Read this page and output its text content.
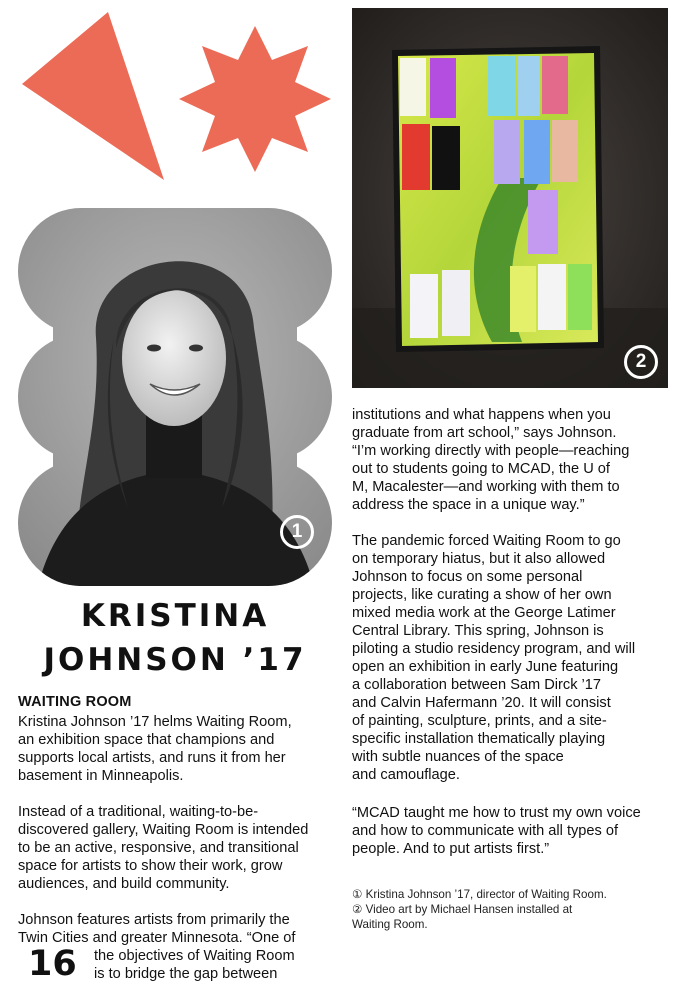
1
2
KRISTINA
JOHNSON ’17
WAITING ROOM
Kristina Johnson ’17 helms Waiting Room,
an exhibition space that champions and
supports local artists, and runs it from her
basement in Minneapolis.
Instead of a traditional, waiting-to-be-
discovered gallery, Waiting Room is intended
to be an active, responsive, and transitional
space for artists to show their work, grow
audiences, and build community.
Johnson features artists from primarily the
Twin Cities and greater Minnesota. “One of
16 the objectives of Waiting Room
is to bridge the gap between
institutions and what happens when you
graduate from art school,” says Johnson.
“I’m working directly with people—reaching
out to students going to MCAD, the U of
M, Macalester—and working with them to
address the space in a unique way.”
The pandemic forced Waiting Room to go
on temporary hiatus, but it also allowed
Johnson to focus on some personal
projects, like curating a show of her own
mixed media work at the George Latimer
Central Library. This spring, Johnson is
piloting a studio residency program, and will
open an exhibition in early June featuring
a collaboration between Sam Dirck ’17
and Calvin Hafermann ’20. It will consist
of painting, sculpture, prints, and a site-
specific installation thematically playing
with subtle nuances of the space
and camouflage.
“MCAD taught me how to trust my own voice
and how to communicate with all types of
people. And to put artists first.”
① Kristina Johnson ’17, director of Waiting Room.
② Video art by Michael Hansen installed at
Waiting Room.
